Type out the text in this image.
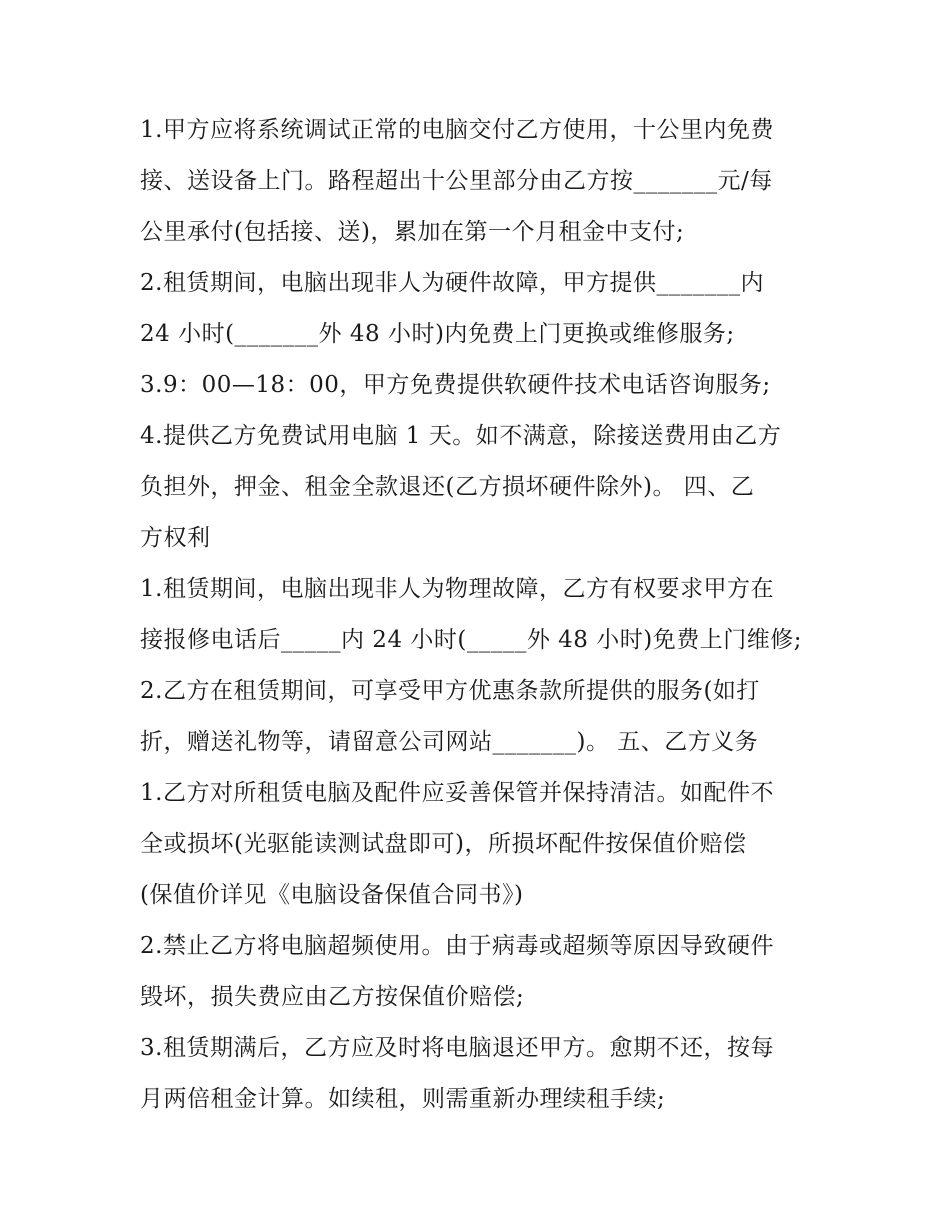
1.甲方应将系统调试正常的电脑交付乙方使用，十公里内免费
接、送设备上门。路程超出十公里部分由乙方按_______元/每
公里承付(包括接、送)，累加在第一个月租金中支付;
2.租赁期间，电脑出现非人为硬件故障，甲方提供_______内
24 小时(_______外 48 小时)内免费上门更换或维修服务;
3.9：00—18：00，甲方免费提供软硬件技术电话咨询服务;
4.提供乙方免费试用电脑 1 天。如不满意，除接送费用由乙方
负担外，押金、租金全款退还(乙方损坏硬件除外)。 四、乙
方权利
1.租赁期间，电脑出现非人为物理故障，乙方有权要求甲方在
接报修电话后_____内 24 小时(_____外 48 小时)免费上门维修;
2.乙方在租赁期间，可享受甲方优惠条款所提供的服务(如打
折，赠送礼物等，请留意公司网站_______)。 五、乙方义务
1.乙方对所租赁电脑及配件应妥善保管并保持清洁。如配件不
全或损坏(光驱能读测试盘即可)，所损坏配件按保值价赔偿
(保值价详见《电脑设备保值合同书》)
2.禁止乙方将电脑超频使用。由于病毒或超频等原因导致硬件
毁坏，损失费应由乙方按保值价赔偿;
3.租赁期满后，乙方应及时将电脑退还甲方。愈期不还，按每
月两倍租金计算。如续租，则需重新办理续租手续;
